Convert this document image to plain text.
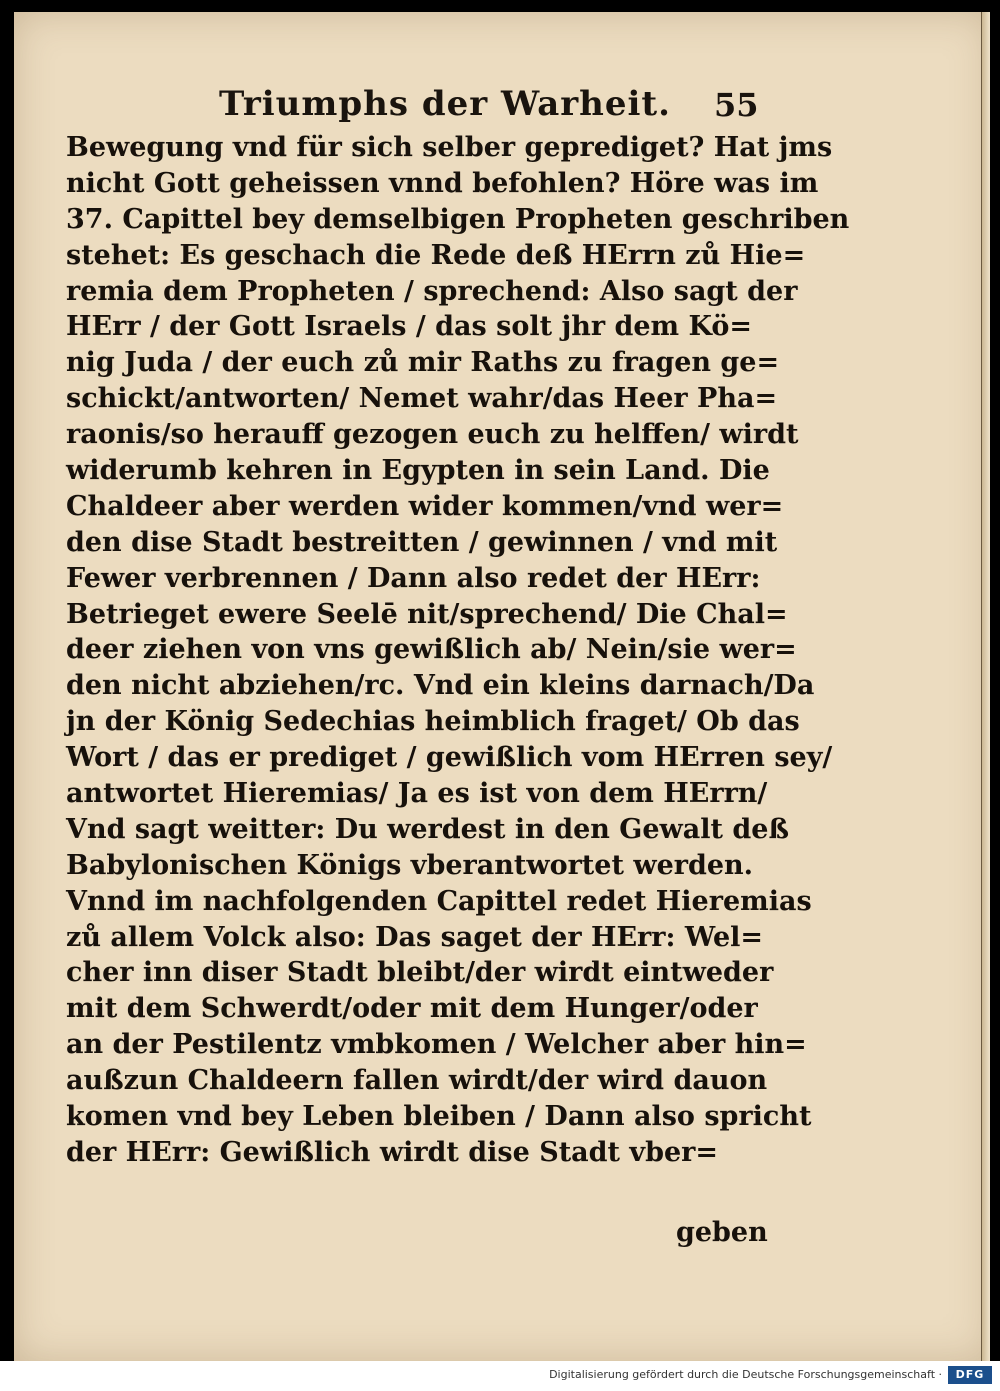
Triumphs der Warheit. 55
Bewegung vnd für sich selber geprediget? Hat jms
nicht Gott geheissen vnnd befohlen? Höre was im
37. Capittel bey demselbigen Propheten geschriben
stehet: Es geschach die Rede deß HErrn zů Hie=
remia dem Propheten / sprechend: Also sagt der
HErr / der Gott Israels / das solt jhr dem Kö=
nig Juda / der euch zů mir Raths zu fragen ge=
schickt/antworten/ Nemet wahr/das Heer Pha=
raonis/so herauff gezogen euch zu helffen/ wirdt
widerumb kehren in Egypten in sein Land. Die
Chaldeer aber werden wider kommen/vnd wer=
den dise Stadt bestreitten / gewinnen / vnd mit
Fewer verbrennen / Dann also redet der HErr:
Betrieget ewere Seelē nit/sprechend/ Die Chal=
deer ziehen von vns gewißlich ab/ Nein/sie wer=
den nicht abziehen/rc. Vnd ein kleins darnach/Da
jn der König Sedechias heimblich fraget/ Ob das
Wort / das er prediget / gewißlich vom HErren sey/
antwortet Hieremias/ Ja es ist von dem HErrn/
Vnd sagt weitter: Du werdest in den Gewalt deß
Babylonischen Königs vberantwortet werden.
Vnnd im nachfolgenden Capittel redet Hieremias
zů allem Volck also: Das saget der HErr: Wel=
cher inn diser Stadt bleibt/der wirdt eintweder
mit dem Schwerdt/oder mit dem Hunger/oder
an der Pestilentz vmbkomen / Welcher aber hin=
außzun Chaldeern fallen wirdt/der wird dauon
komen vnd bey Leben bleiben / Dann also spricht
der HErr: Gewißlich wirdt dise Stadt vber=
geben
Digitalisierung gefördert durch die Deutsche Forschungsgemeinschaft ·	DFG
